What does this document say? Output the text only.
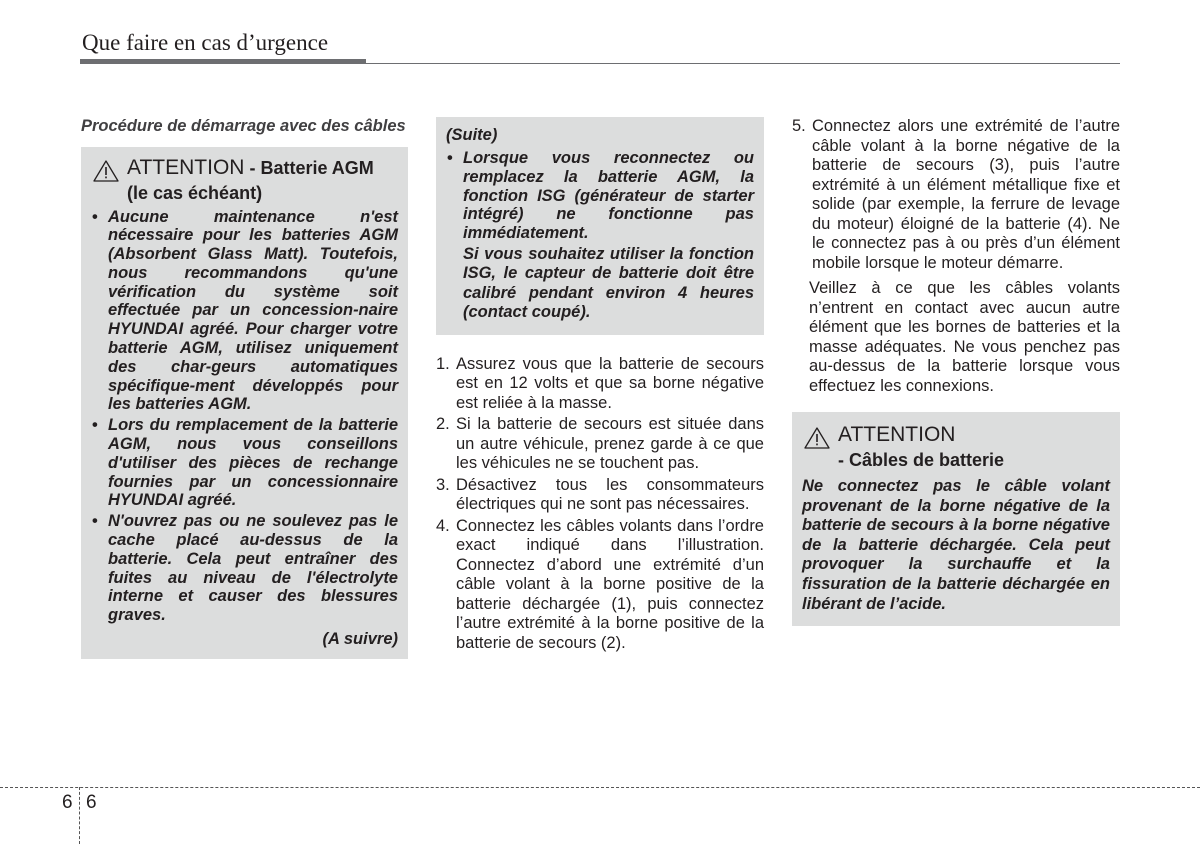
Que faire en cas d’urgence

Procédure de démarrage avec des câbles

ATTENTION - Batterie AGM
(le cas échéant)
• Aucune maintenance n'est nécessaire pour les batteries AGM (Absorbent Glass Matt). Toutefois, nous recommandons qu'une vérification du système soit effectuée par un concession-naire HYUNDAI agréé. Pour charger votre batterie AGM, utilisez uniquement des char-geurs automatiques spécifique-ment développés pour les batteries AGM.
• Lors du remplacement de la batterie AGM, nous vous conseillons d'utiliser des pièces de rechange fournies par un concessionnaire HYUNDAI agréé.
• N'ouvrez pas ou ne soulevez pas le cache placé au-dessus de la batterie. Cela peut entraîner des fuites au niveau de l'électrolyte interne et causer des blessures graves.
(A suivre)
(Suite)
• Lorsque vous reconnectez ou remplacez la batterie AGM, la fonction ISG (générateur de starter intégré) ne fonctionne pas immédiatement.

Si vous souhaitez utiliser la fonction ISG, le capteur de batterie doit être calibré pendant environ 4 heures (contact coupé).

1. Assurez vous que la batterie de secours est en 12 volts et que sa borne négative est reliée à la masse.
2. Si la batterie de secours est située dans un autre véhicule, prenez garde à ce que les véhicules ne se touchent pas.
3. Désactivez tous les consommateurs électriques qui ne sont pas nécessaires.
4. Connectez les câbles volants dans l’ordre exact indiqué dans l’illustration. Connectez d’abord une extrémité d’un câble volant à la borne positive de la batterie déchargée (1), puis connectez l’autre extrémité à la borne positive de la batterie de secours (2).
5. Connectez alors une extrémité de l’autre câble volant à la borne négative de la batterie de secours (3), puis l’autre extrémité à un élément métallique fixe et solide (par exemple, la ferrure de levage du moteur) éloigné de la batterie (4). Ne le connectez pas à ou près d’un élément mobile lorsque le moteur démarre.

Veillez à ce que les câbles volants n’entrent en contact avec aucun autre élément que les bornes de batteries et la masse adéquates. Ne vous penchez pas au-dessus de la batterie lorsque vous effectuez les connexions.

ATTENTION
- Câbles de batterie

Ne connectez pas le câble volant provenant de la borne négative de la batterie de secours à la borne négative de la batterie déchargée. Cela peut provoquer la surchauffe et la fissuration de la batterie déchargée en libérant de l’acide.

6 6
